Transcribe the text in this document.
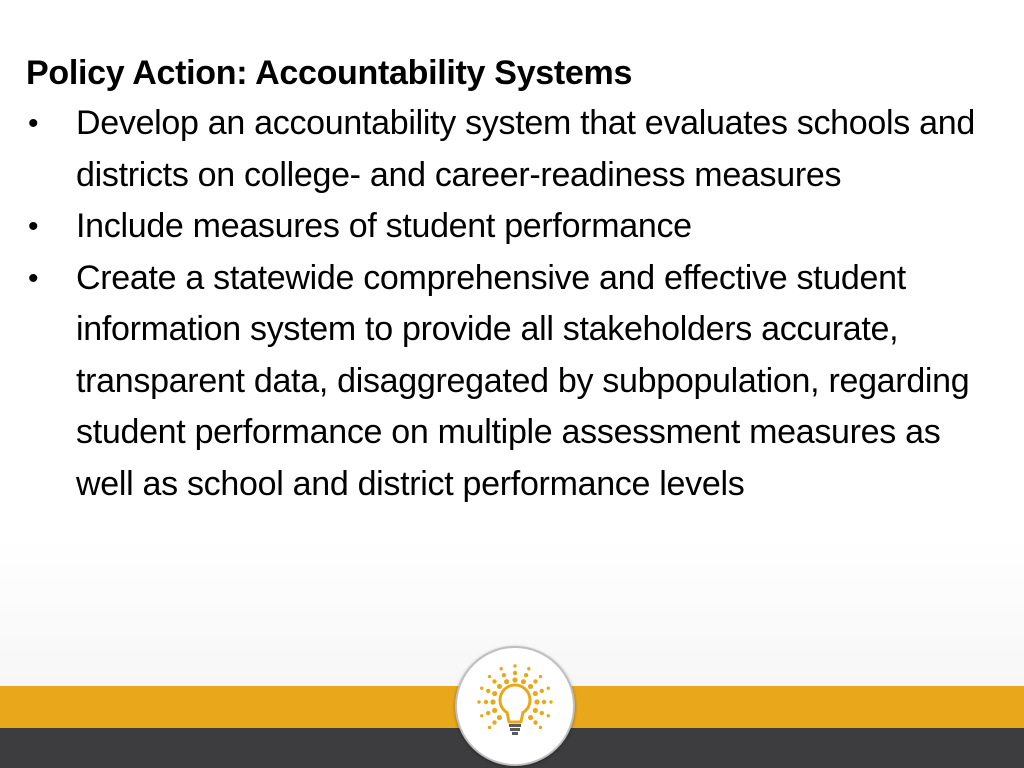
Policy Action: Accountability Systems
• Develop an accountability system that evaluates schools and districts on college- and career-readiness measures
• Include measures of student performance
• Create a statewide comprehensive and effective student information system to provide all stakeholders accurate, transparent data, disaggregated by subpopulation, regarding student performance on multiple assessment measures as well as school and district performance levels
